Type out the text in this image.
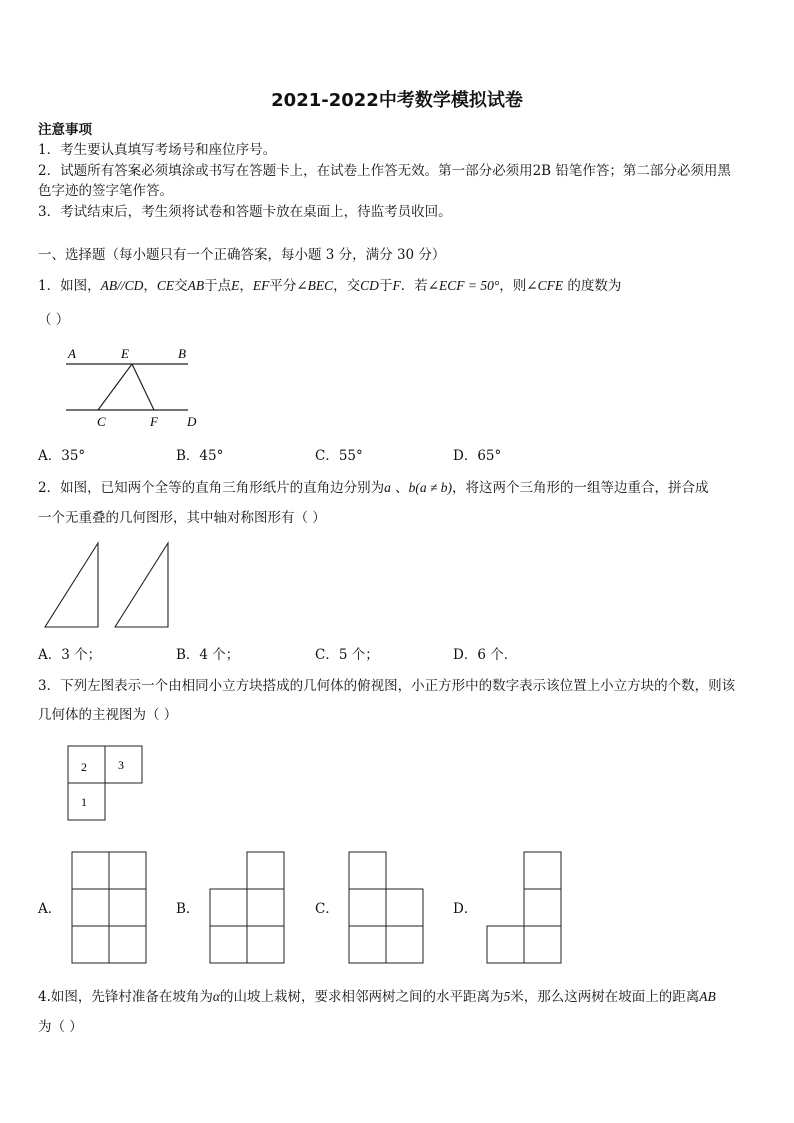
2021-2022中考数学模拟试卷
注意事项
1．考生要认真填写考场号和座位序号。
2．试题所有答案必须填涂或书写在答题卡上，在试卷上作答无效。第一部分必须用2B 铅笔作答；第二部分必须用黑
色字迹的签字笔作答。
3．考试结束后，考生须将试卷和答题卡放在桌面上，待监考员收回。
一、选择题（每小题只有一个正确答案，每小题 3 分，满分 30 分）
1．如图，AB//CD，CE交AB于点E，EF平分∠BEC，交CD于F．若∠ECF = 50°，则∠CFE 的度数为
（ ）
A	E	B
C	F D
A．35°	B．45°	C．55°	D．65°
2．如图，已知两个全等的直角三角形纸片的直角边分别为a 、b(a ≠ b)，将这两个三角形的一组等边重合，拼合成
一个无重叠的几何图形，其中轴对称图形有（ ）
A．3 个；	B．4 个；	C．5 个；	D．6 个．
3．下列左图表示一个由相同小立方块搭成的几何体的俯视图，小正方形中的数字表示该位置上小立方块的个数，则该
几何体的主视图为（ ）
2	3
1
A．	B．	C．	D．
4.如图，先锋村准备在坡角为α的山坡上栽树，要求相邻两树之间的水平距离为5米，那么这两树在坡面上的距离AB
为（ ）
